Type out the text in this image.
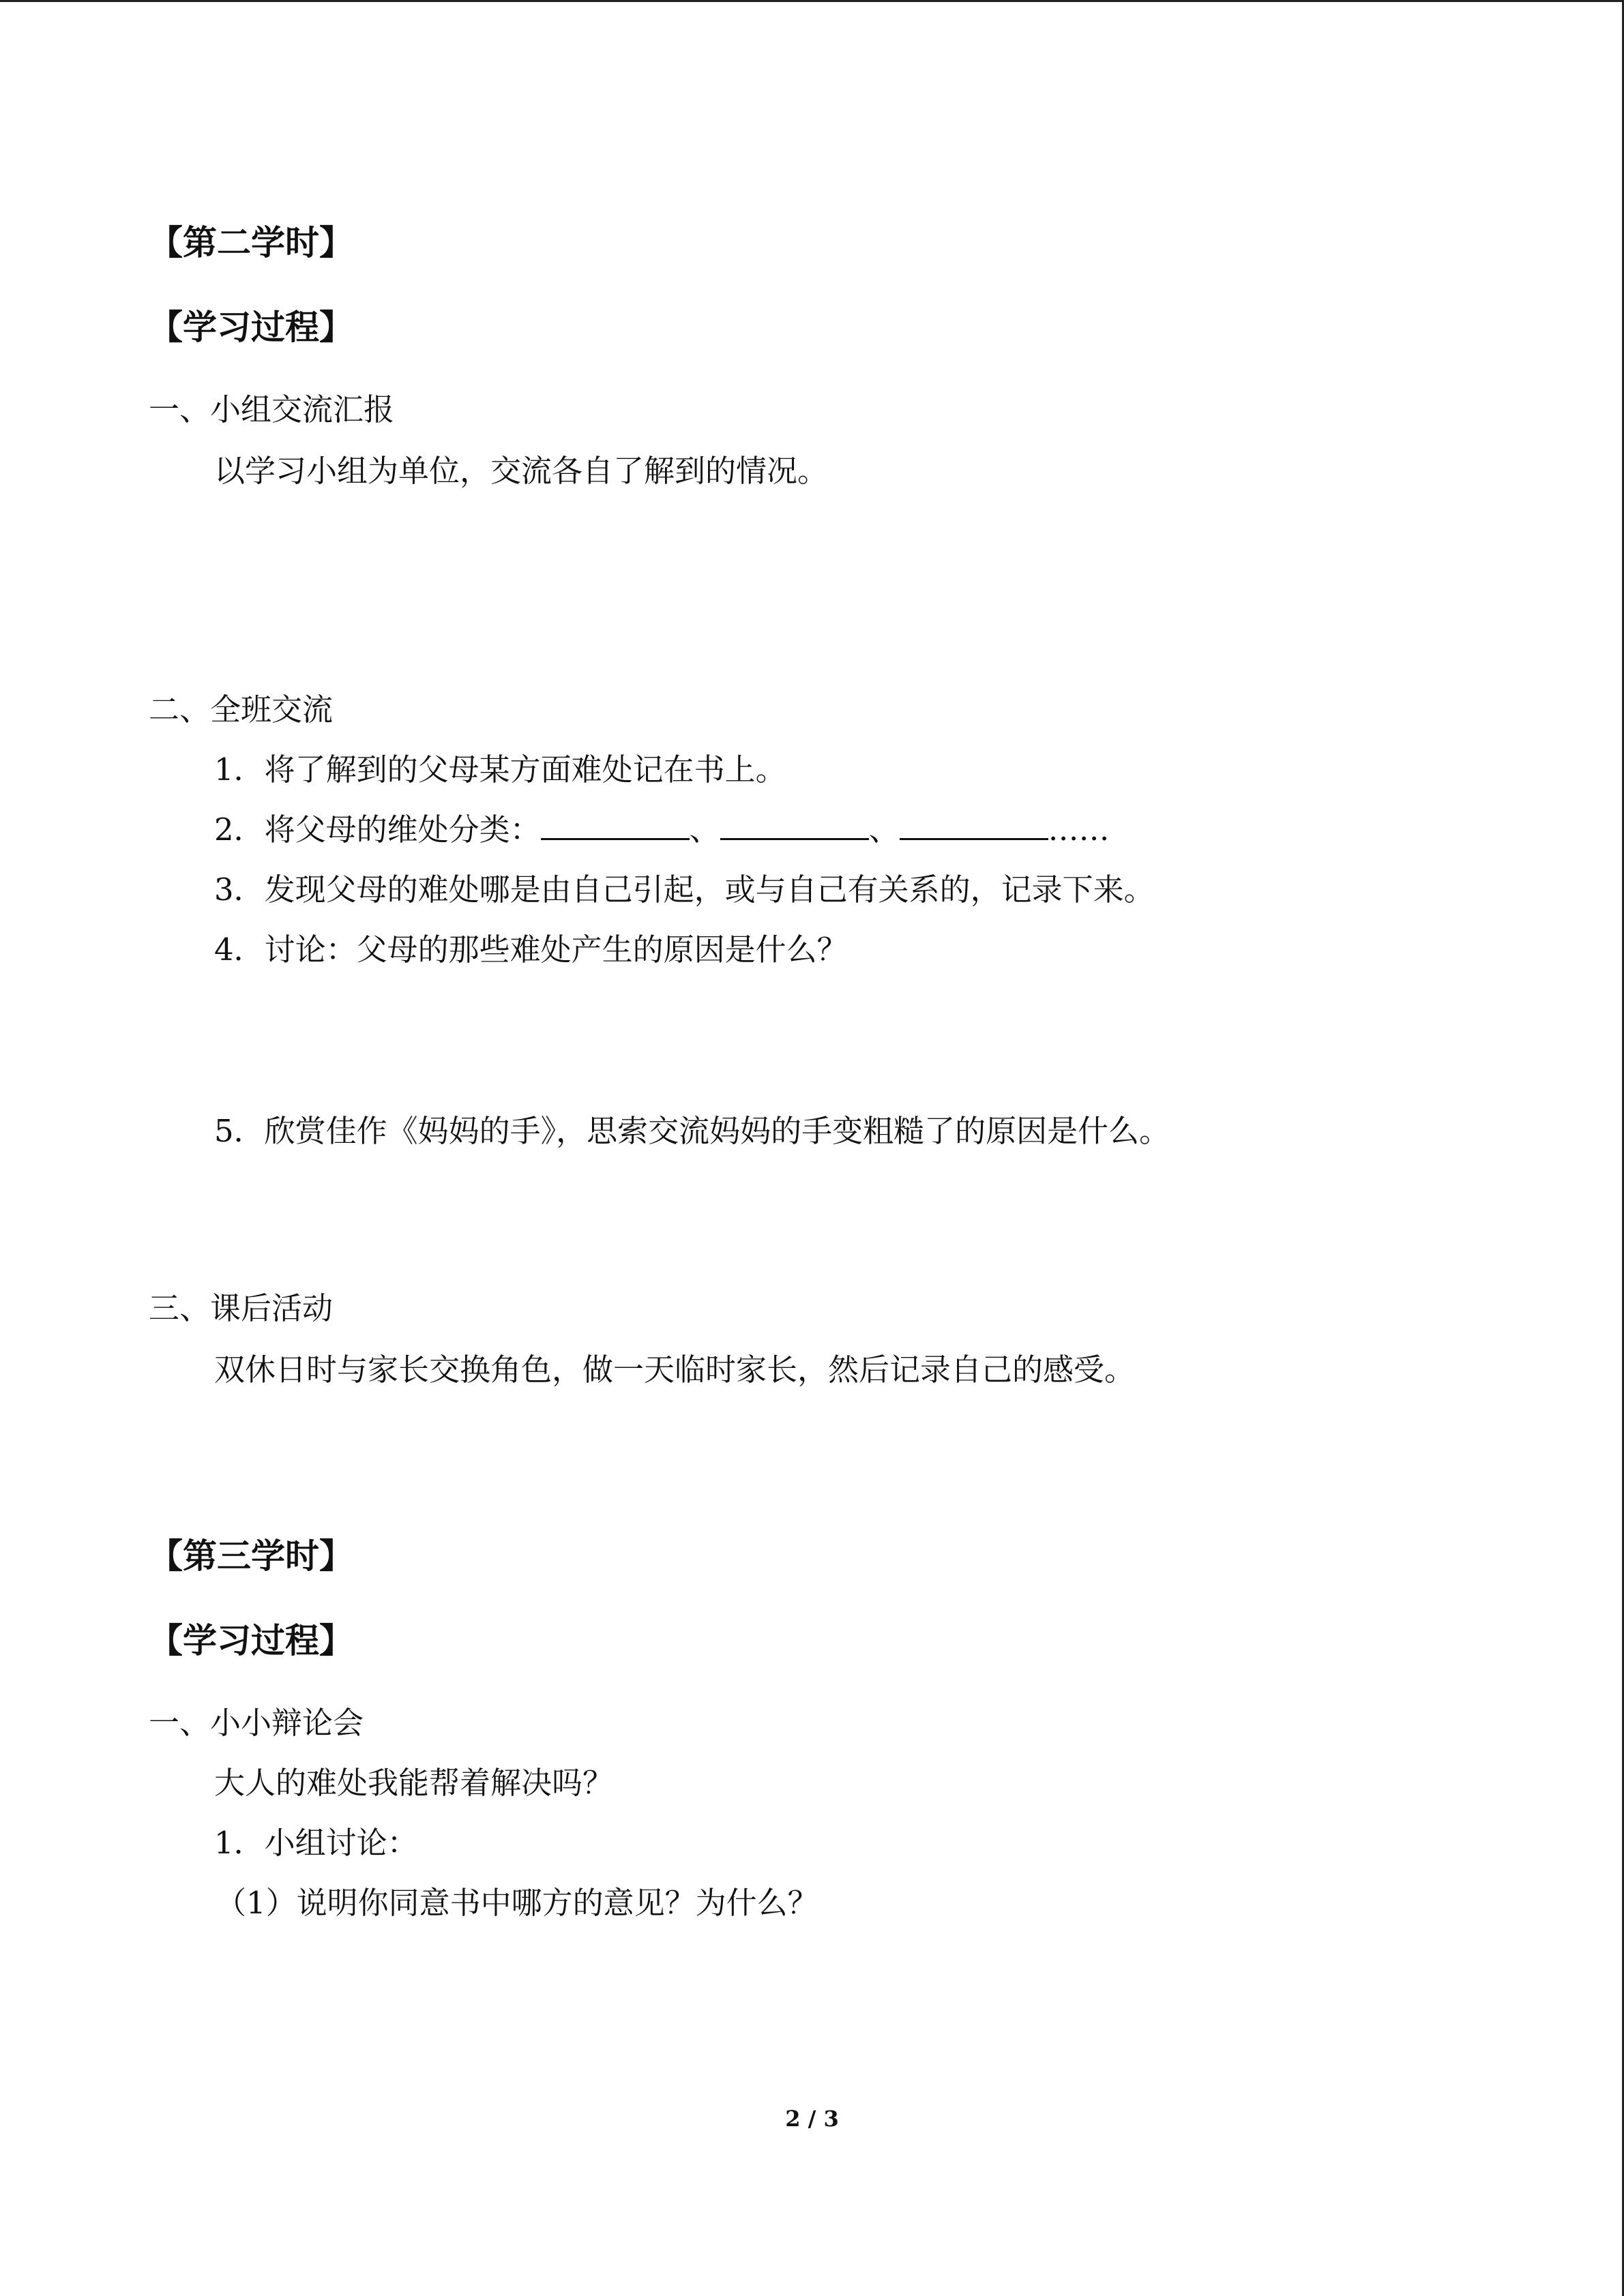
【第二学时】
【学习过程】
一、小组交流汇报
以学习小组为单位，交流各自了解到的情况。
二、全班交流
1．将了解到的父母某方面难处记在书上。
2．将父母的维处分类：	、	、	……
3．发现父母的难处哪是由自己引起，或与自己有关系的，记录下来。
4．讨论：父母的那些难处产生的原因是什么？
5．欣赏佳作《妈妈的手》，思索交流妈妈的手变粗糙了的原因是什么。
三、课后活动
双休日时与家长交换角色，做一天临时家长，然后记录自己的感受。
【第三学时】
【学习过程】
一、小小辩论会
大人的难处我能帮着解决吗？
1．小组讨论：
（1）说明你同意书中哪方的意见？为什么？
2 / 3
